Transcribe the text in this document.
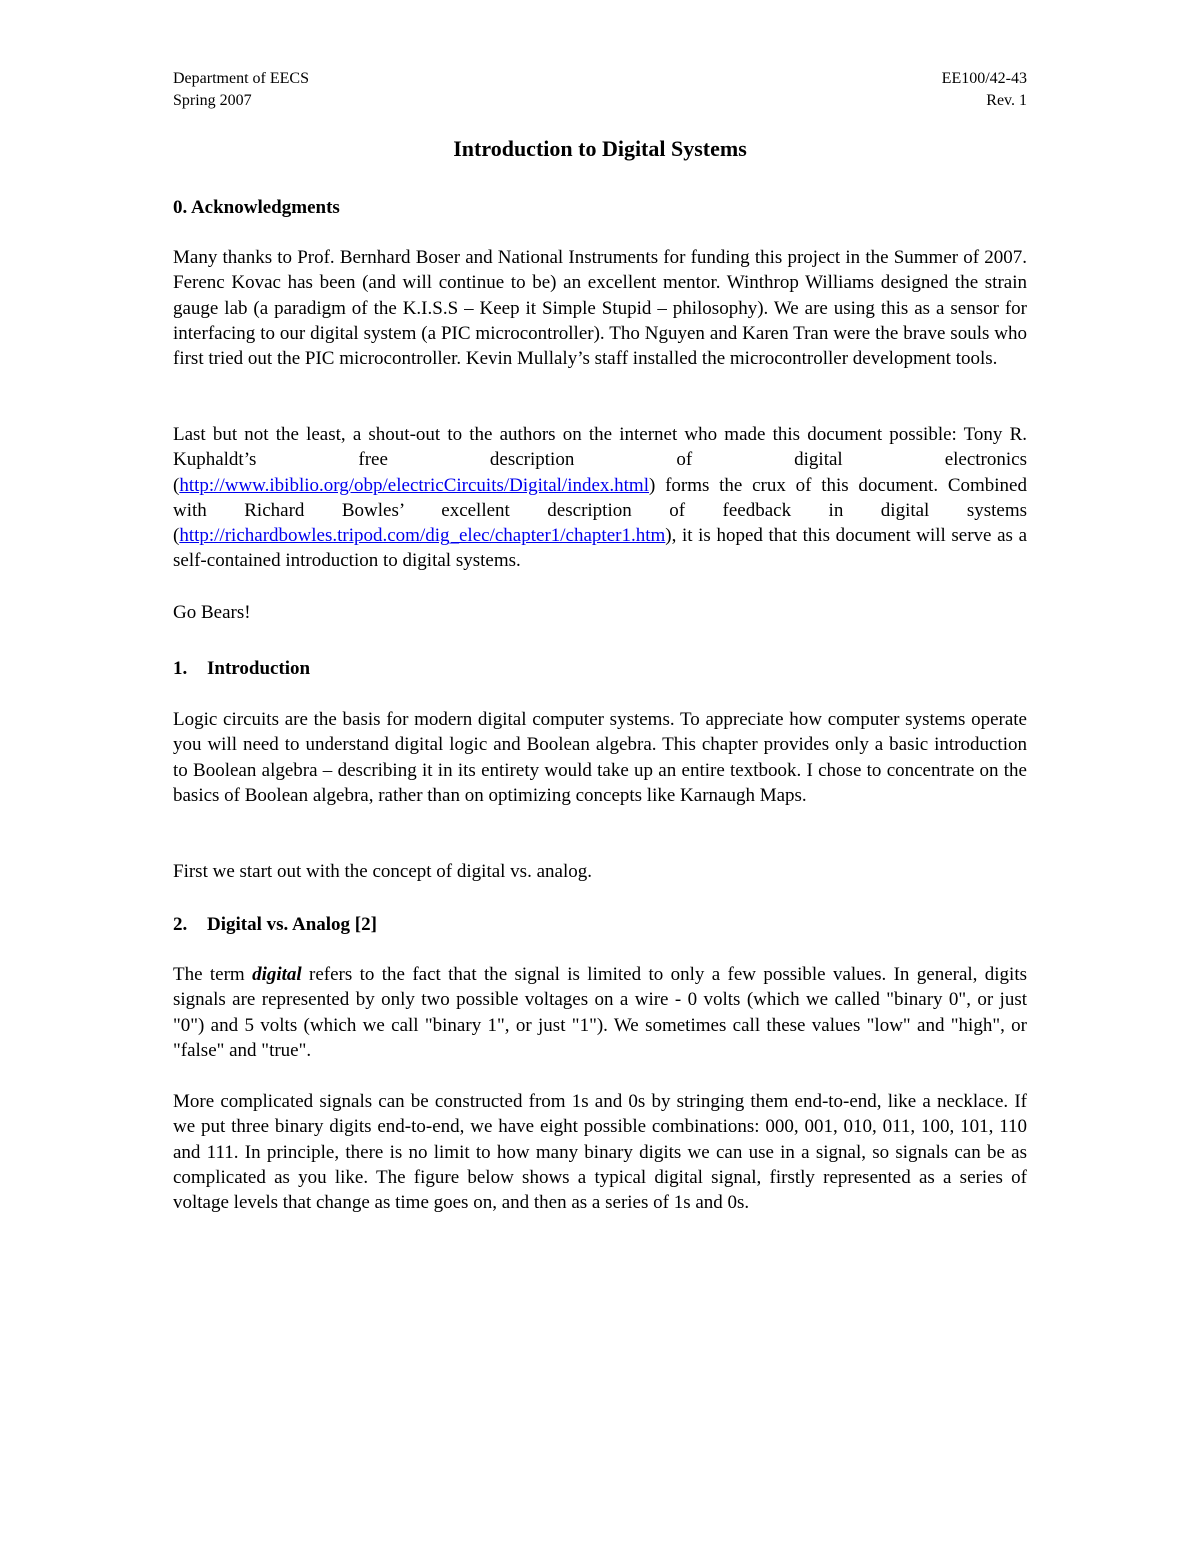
Department of EECS	EE100/42-43
Spring 2007	Rev. 1
Introduction to Digital Systems
0. Acknowledgments
Many thanks to Prof. Bernhard Boser and National Instruments for funding this project in the Summer of 2007. Ferenc Kovac has been (and will continue to be) an excellent mentor. Winthrop Williams designed the strain gauge lab (a paradigm of the K.I.S.S – Keep it Simple Stupid – philosophy). We are using this as a sensor for interfacing to our digital system (a PIC microcontroller). Tho Nguyen and Karen Tran were the brave souls who first tried out the PIC microcontroller. Kevin Mullaly’s staff installed the microcontroller development tools.
Last but not the least, a shout-out to the authors on the internet who made this document possible: Tony R. Kuphaldt’s free description of digital electronics (http://www.ibiblio.org/obp/electricCircuits/Digital/index.html) forms the crux of this document. Combined with Richard Bowles’ excellent description of feedback in digital systems (http://richardbowles.tripod.com/dig_elec/chapter1/chapter1.htm), it is hoped that this document will serve as a self-contained introduction to digital systems.
Go Bears!
1. Introduction
Logic circuits are the basis for modern digital computer systems. To appreciate how computer systems operate you will need to understand digital logic and Boolean algebra. This chapter provides only a basic introduction to Boolean algebra – describing it in its entirety would take up an entire textbook. I chose to concentrate on the basics of Boolean algebra, rather than on optimizing concepts like Karnaugh Maps.
First we start out with the concept of digital vs. analog.
2. Digital vs. Analog [2]
The term digital refers to the fact that the signal is limited to only a few possible values. In general, digits signals are represented by only two possible voltages on a wire - 0 volts (which we called "binary 0", or just "0") and 5 volts (which we call "binary 1", or just "1"). We sometimes call these values "low" and "high", or "false" and "true".
More complicated signals can be constructed from 1s and 0s by stringing them end-to-end, like a necklace. If we put three binary digits end-to-end, we have eight possible combinations: 000, 001, 010, 011, 100, 101, 110 and 111. In principle, there is no limit to how many binary digits we can use in a signal, so signals can be as complicated as you like. The figure below shows a typical digital signal, firstly represented as a series of voltage levels that change as time goes on, and then as a series of 1s and 0s.
